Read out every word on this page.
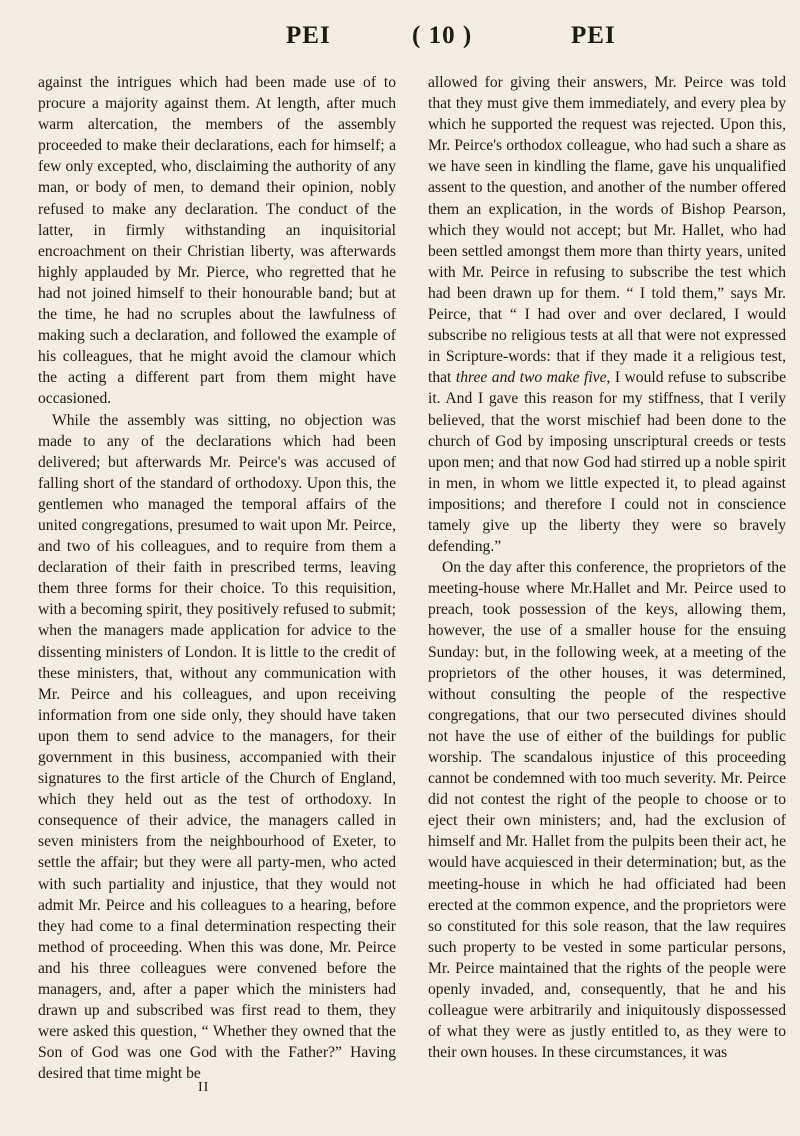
PEI	( 10 )	PEI

against the intrigues which had been made use of to procure a majority against them. At length, after much warm altercation, the members of the assembly proceeded to make their declarations, each for himself; a few only excepted, who, disclaiming the authority of any man, or body of men, to demand their opinion, nobly refused to make any declaration. The conduct of the latter, in firmly withstanding an inquisitorial encroachment on their Christian liberty, was afterwards highly applauded by Mr. Pierce, who regretted that he had not joined himself to their honourable band; but at the time, he had no scruples about the lawfulness of making such a declaration, and followed the example of his colleagues, that he might avoid the clamour which the acting a different part from them might have occasioned.

While the assembly was sitting, no objection was made to any of the declarations which had been delivered; but afterwards Mr. Peirce's was accused of falling short of the standard of orthodoxy. Upon this, the gentlemen who managed the temporal affairs of the united congregations, presumed to wait upon Mr. Peirce, and two of his colleagues, and to require from them a declaration of their faith in prescribed terms, leaving them three forms for their choice. To this requisition, with a becoming spirit, they positively refused to submit; when the managers made application for advice to the dissenting ministers of London. It is little to the credit of these ministers, that, without any communication with Mr. Peirce and his colleagues, and upon receiving information from one side only, they should have taken upon them to send advice to the managers, for their government in this business, accompanied with their signatures to the first article of the Church of England, which they held out as the test of orthodoxy. In consequence of their advice, the managers called in seven ministers from the neighbourhood of Exeter, to settle the affair; but they were all party-men, who acted with such partiality and injustice, that they would not admit Mr. Peirce and his colleagues to a hearing, before they had come to a final determination respecting their method of proceeding. When this was done, Mr. Peirce and his three colleagues were convened before the managers, and, after a paper which the ministers had drawn up and subscribed was first read to them, they were asked this question, “ Whether they owned that the Son of God was one God with the Father?” Having desired that time might be

allowed for giving their answers, Mr. Peirce was told that they must give them immediately, and every plea by which he supported the request was rejected. Upon this, Mr. Peirce's orthodox colleague, who had such a share as we have seen in kindling the flame, gave his unqualified assent to the question, and another of the number offered them an explication, in the words of Bishop Pearson, which they would not accept; but Mr. Hallet, who had been settled amongst them more than thirty years, united with Mr. Peirce in refusing to subscribe the test which had been drawn up for them. “ I told them,” says Mr. Peirce, that “ I had over and over declared, I would subscribe no religious tests at all that were not expressed in Scripture-words: that if they made it a religious test, that three and two make five, I would refuse to subscribe it. And I gave this reason for my stiffness, that I verily believed, that the worst mischief had been done to the church of God by imposing unscriptural creeds or tests upon men; and that now God had stirred up a noble spirit in men, in whom we little expected it, to plead against impositions; and therefore I could not in conscience tamely give up the liberty they were so bravely defending.”

On the day after this conference, the proprietors of the meeting-house where Mr.Hallet and Mr. Peirce used to preach, took possession of the keys, allowing them, however, the use of a smaller house for the ensuing Sunday: but, in the following week, at a meeting of the proprietors of the other houses, it was determined, without consulting the people of the respective congregations, that our two persecuted divines should not have the use of either of the buildings for public worship. The scandalous injustice of this proceeding cannot be condemned with too much severity. Mr. Peirce did not contest the right of the people to choose or to eject their own ministers; and, had the exclusion of himself and Mr. Hallet from the pulpits been their act, he would have acquiesced in their determination; but, as the meeting-house in which he had officiated had been erected at the common expence, and the proprietors were so constituted for this sole reason, that the law requires such property to be vested in some particular persons, Mr. Peirce maintained that the rights of the people were openly invaded, and, consequently, that he and his colleague were arbitrarily and iniquitously dispossessed of what they were as justly entitled to, as they were to their own houses. In these circumstances, it was

II
